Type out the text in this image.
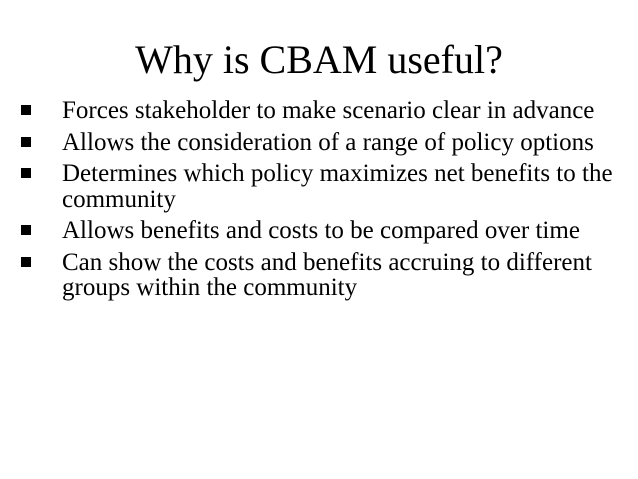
Why is CBAM useful?
Forces stakeholder to make scenario clear in advance
Allows the consideration of a range of policy options
Determines which policy maximizes net benefits to the community
Allows benefits and costs to be compared over time
Can show the costs and benefits accruing to different groups within the community
